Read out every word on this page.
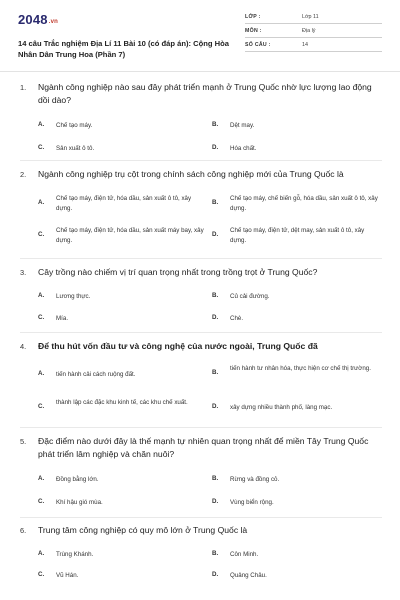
2048.vn
14 câu Trắc nghiệm Địa Lí 11 Bài 10 (có đáp án): Cộng Hòa Nhân Dân Trung Hoa (Phần 7)
LỚP :	Lớp 11
MÔN :	Địa lý
SỐ CÂU :	14
1. Ngành công nghiệp nào sau đây phát triển mạnh ở Trung Quốc nhờ lực lượng lao động dồi dào?
A. Chế tạo máy.	B. Dệt may.
C. Sản xuất ô tô.	D. Hóa chất.
2. Ngành công nghiệp trụ cột trong chính sách công nghiệp mới của Trung Quốc là
A.
Chế tạo máy, điện tử, hóa dầu, sản xuất ô tô, xây dựng.
B.
Chế tạo máy, chế biến gỗ, hóa dầu, sản xuất ô tô, xây dựng.
C.
Chế tạo máy, điện tử, hóa dầu, sản xuất máy bay, xây dựng.
D.
Chế tạo máy, điện tử, dệt may, sản xuất ô tô, xây dựng.
3. Cây trồng nào chiếm vị trí quan trọng nhất trong trồng trọt ở Trung Quốc?
A. Lương thực.	B. Củ cải đường.
C. Mía.	D. Chè.
4. Để thu hút vốn đầu tư và công nghệ của nước ngoài, Trung Quốc đã
A. tiến hành cải cách ruộng đất.	B.
tiến hành tư nhân hóa, thực hiện cơ chế thị trường.
C.
thành lập các đặc khu kinh tế, các khu chế xuất.
D. xây dựng nhiều thành phố, làng mạc.
5. Đặc điểm nào dưới đây là thế mạnh tự nhiên quan trọng nhất để miền Tây Trung Quốc phát triển lâm nghiệp và chăn nuôi?
A. Đồng bằng lớn.	B. Rừng và đồng cỏ.
C. Khí hậu gió mùa.	D. Vùng biển rộng.
6. Trung tâm công nghiệp có quy mô lớn ở Trung Quốc là
A. Trùng Khánh.	B. Côn Minh.
C. Vũ Hán.	D. Quảng Châu.
